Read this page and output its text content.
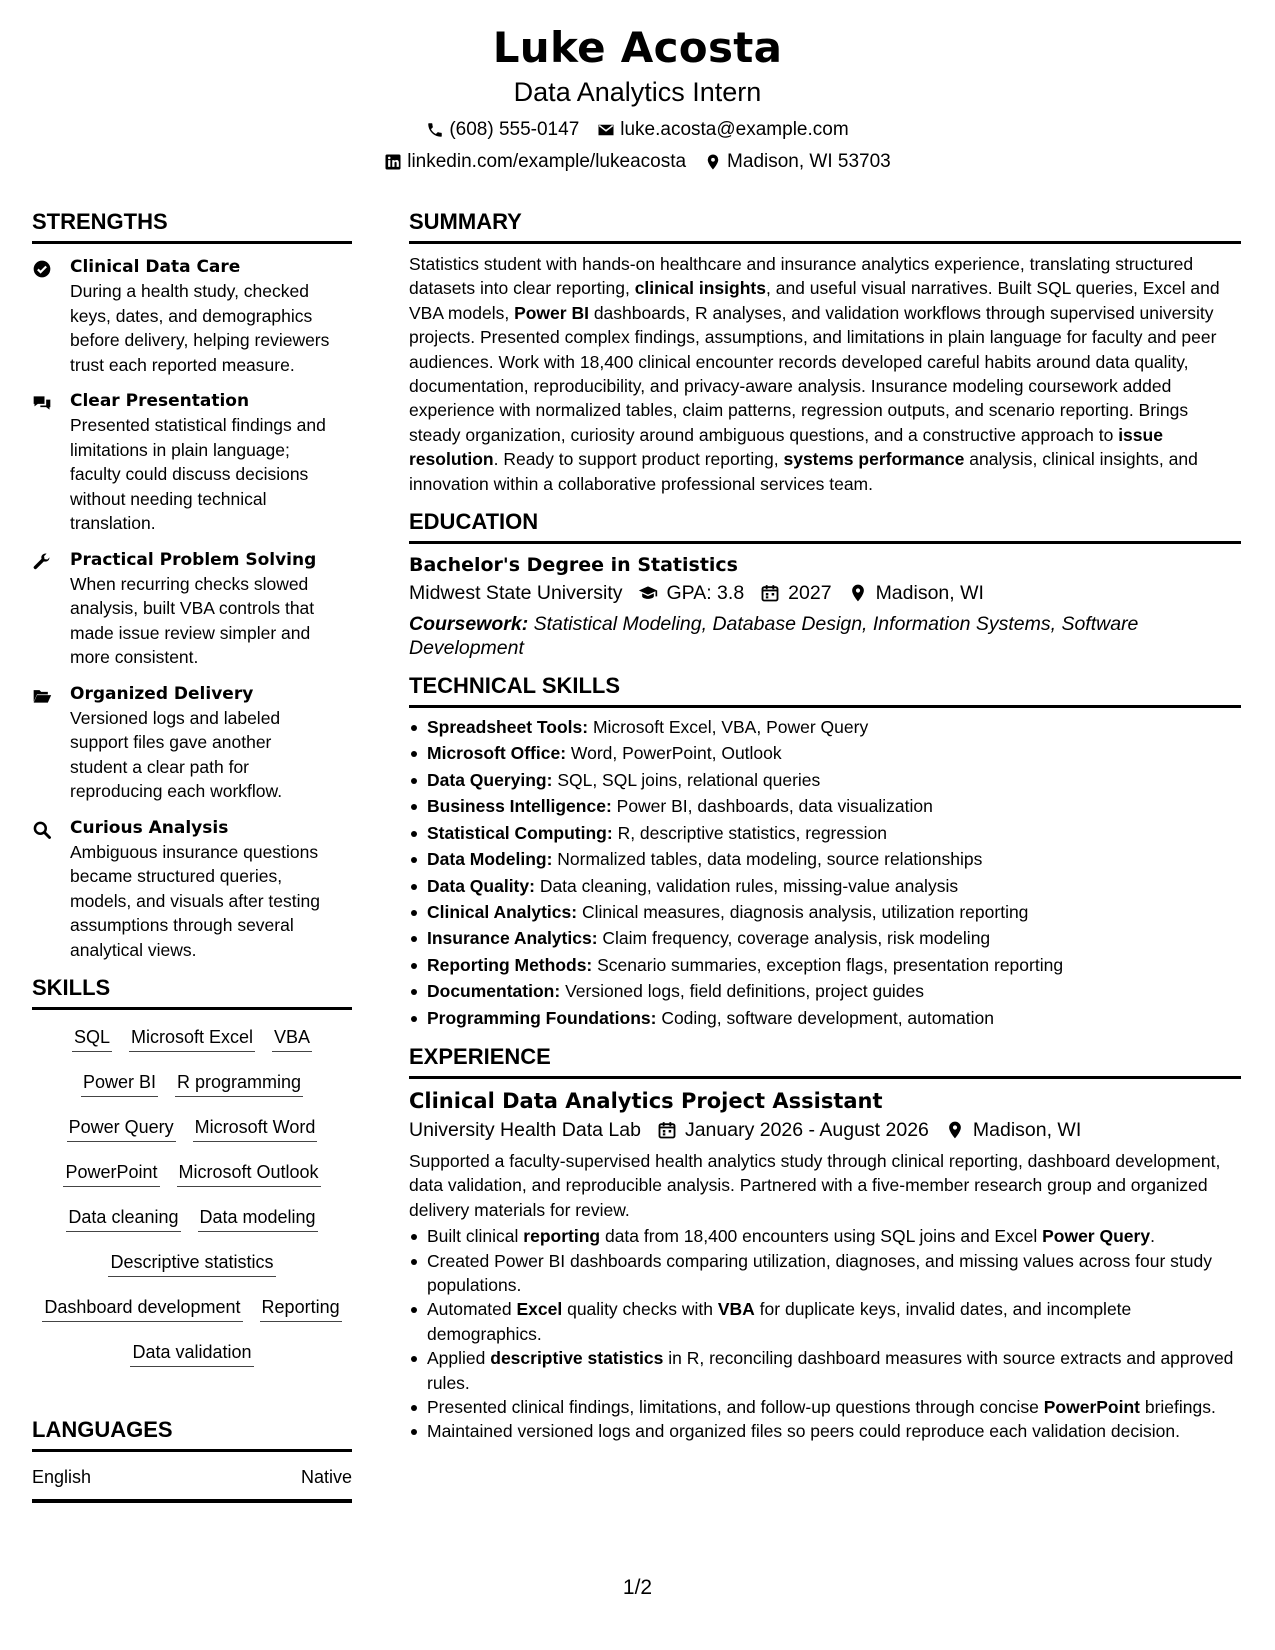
Luke Acosta
Data Analytics Intern
(608) 555-0147 luke.acosta@example.com
linkedin.com/example/lukeacosta Madison, WI 53703
STRENGTHS
Clinical Data Care
During a health study, checked
keys, dates, and demographics
before delivery, helping reviewers
trust each reported measure.
Clear Presentation
Presented statistical findings and
limitations in plain language;
faculty could discuss decisions
without needing technical
translation.
Practical Problem Solving
When recurring checks slowed
analysis, built VBA controls that
made issue review simpler and
more consistent.
Organized Delivery
Versioned logs and labeled
support files gave another
student a clear path for
reproducing each workflow.
Curious Analysis
Ambiguous insurance questions
became structured queries,
models, and visuals after testing
assumptions through several
analytical views.
SKILLS
SQL Microsoft Excel VBA
Power BI R programming
Power Query Microsoft Word
PowerPoint Microsoft Outlook
Data cleaning Data modeling
Descriptive statistics
Dashboard development Reporting
Data validation
LANGUAGES
English	Native
SUMMARY
Statistics student with hands-on healthcare and insurance analytics experience, translating structured datasets into clear reporting, clinical insights, and useful visual narratives. Built SQL queries, Excel and VBA models, Power BI dashboards, R analyses, and validation workflows through supervised university projects. Presented complex findings, assumptions, and limitations in plain language for faculty and peer audiences. Work with 18,400 clinical encounter records developed careful habits around data quality, documentation, reproducibility, and privacy-aware analysis. Insurance modeling coursework added experience with normalized tables, claim patterns, regression outputs, and scenario reporting. Brings steady organization, curiosity around ambiguous questions, and a constructive approach to issue resolution. Ready to support product reporting, systems performance analysis, clinical insights, and innovation within a collaborative professional services team.
EDUCATION
Bachelor's Degree in Statistics
Midwest State University GPA: 3.8 2027 Madison, WI
Coursework: Statistical Modeling, Database Design, Information Systems, Software Development
TECHNICAL SKILLS
Spreadsheet Tools: Microsoft Excel, VBA, Power Query
Microsoft Office: Word, PowerPoint, Outlook
Data Querying: SQL, SQL joins, relational queries
Business Intelligence: Power BI, dashboards, data visualization
Statistical Computing: R, descriptive statistics, regression
Data Modeling: Normalized tables, data modeling, source relationships
Data Quality: Data cleaning, validation rules, missing-value analysis
Clinical Analytics: Clinical measures, diagnosis analysis, utilization reporting
Insurance Analytics: Claim frequency, coverage analysis, risk modeling
Reporting Methods: Scenario summaries, exception flags, presentation reporting
Documentation: Versioned logs, field definitions, project guides
Programming Foundations: Coding, software development, automation
EXPERIENCE
Clinical Data Analytics Project Assistant
University Health Data Lab January 2026 - August 2026 Madison, WI
Supported a faculty-supervised health analytics study through clinical reporting, dashboard development, data validation, and reproducible analysis. Partnered with a five-member research group and organized delivery materials for review.
Built clinical reporting data from 18,400 encounters using SQL joins and Excel Power Query.
Created Power BI dashboards comparing utilization, diagnoses, and missing values across four study populations.
Automated Excel quality checks with VBA for duplicate keys, invalid dates, and incomplete demographics.
Applied descriptive statistics in R, reconciling dashboard measures with source extracts and approved rules.
Presented clinical findings, limitations, and follow-up questions through concise PowerPoint briefings.
Maintained versioned logs and organized files so peers could reproduce each validation decision.
1/2
